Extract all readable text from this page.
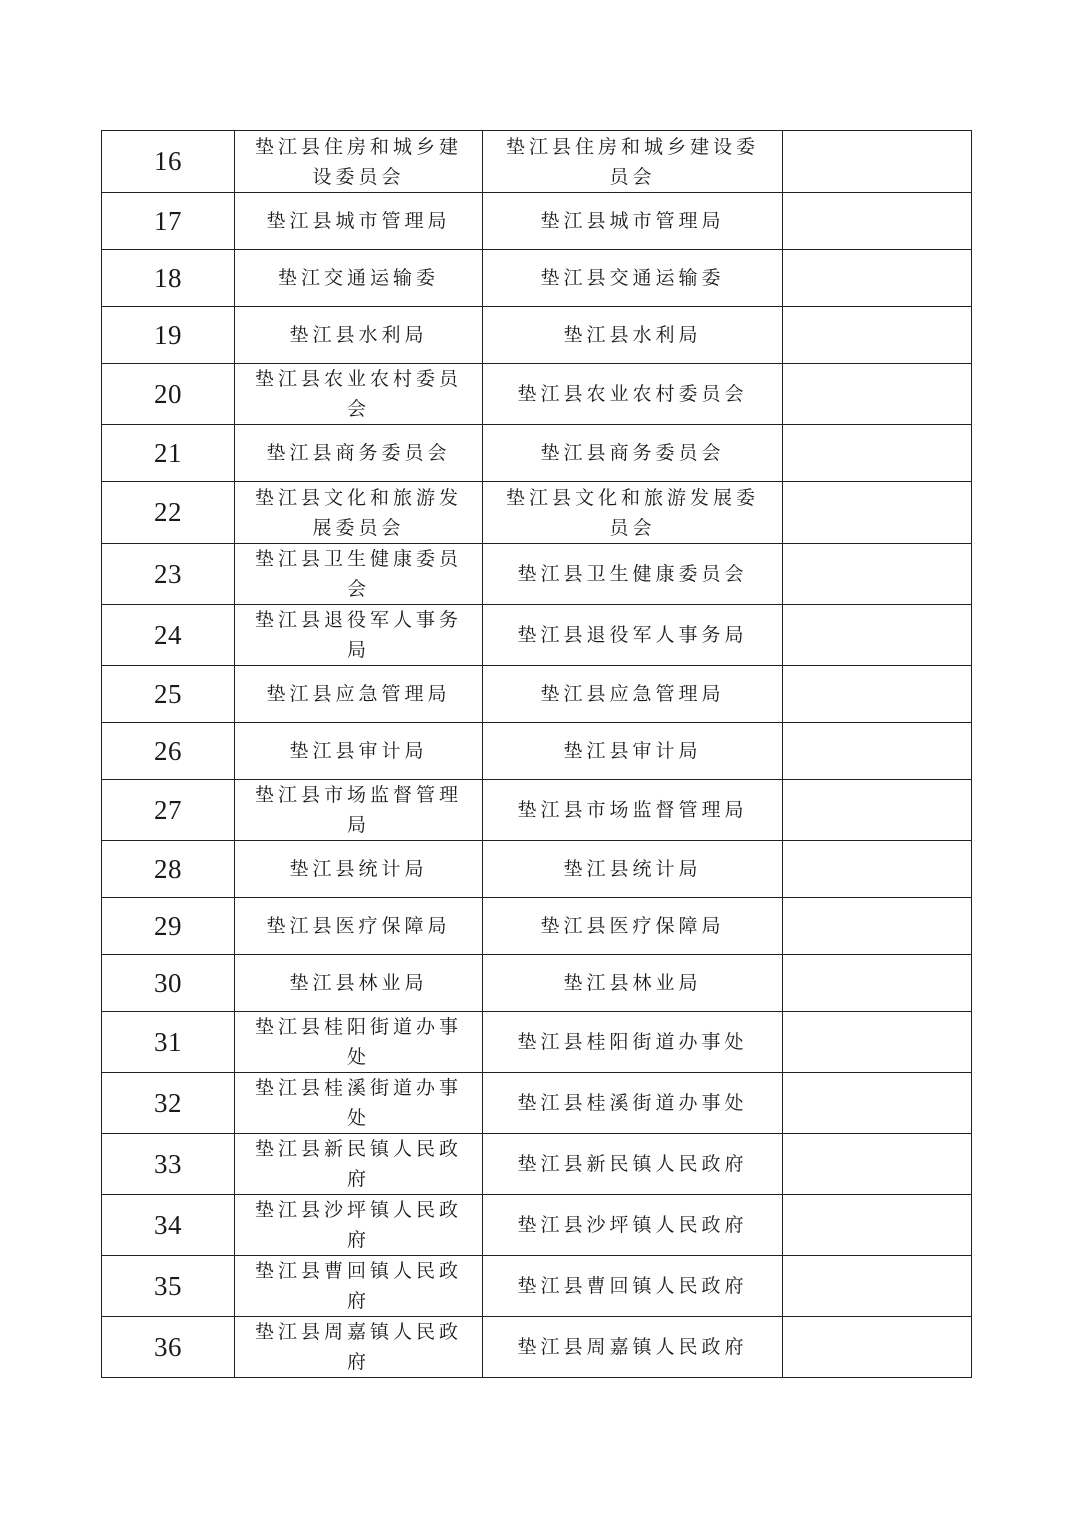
16	垫江县住房和城乡建设委员会	垫江县住房和城乡建设委员会	
17	垫江县城市管理局	垫江县城市管理局	
18	垫江交通运输委	垫江县交通运输委	
19	垫江县水利局	垫江县水利局	
20	垫江县农业农村委员会	垫江县农业农村委员会	
21	垫江县商务委员会	垫江县商务委员会	
22	垫江县文化和旅游发展委员会	垫江县文化和旅游发展委员会	
23	垫江县卫生健康委员会	垫江县卫生健康委员会	
24	垫江县退役军人事务局	垫江县退役军人事务局	
25	垫江县应急管理局	垫江县应急管理局	
26	垫江县审计局	垫江县审计局	
27	垫江县市场监督管理局	垫江县市场监督管理局	
28	垫江县统计局	垫江县统计局	
29	垫江县医疗保障局	垫江县医疗保障局	
30	垫江县林业局	垫江县林业局	
31	垫江县桂阳街道办事处	垫江县桂阳街道办事处	
32	垫江县桂溪街道办事处	垫江县桂溪街道办事处	
33	垫江县新民镇人民政府	垫江县新民镇人民政府	
34	垫江县沙坪镇人民政府	垫江县沙坪镇人民政府	
35	垫江县曹回镇人民政府	垫江县曹回镇人民政府	
36	垫江县周嘉镇人民政府	垫江县周嘉镇人民政府	
